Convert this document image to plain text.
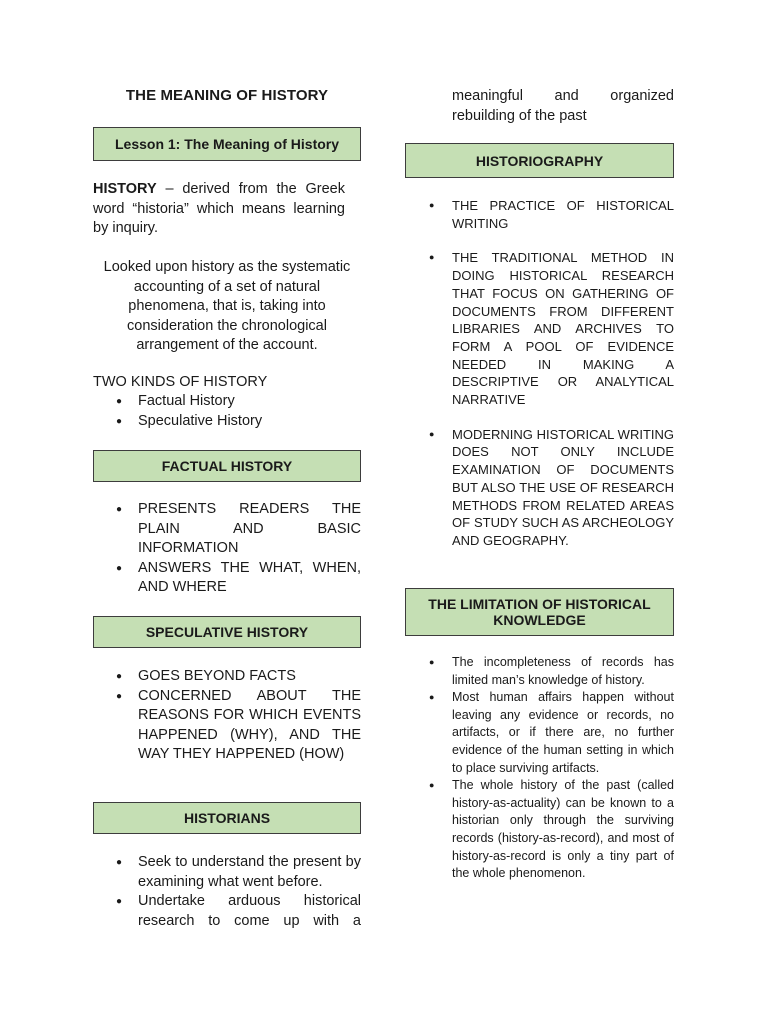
THE MEANING OF HISTORY
Lesson 1: The Meaning of History
HISTORY – derived from the Greek word “historia” which means learning by inquiry.
Looked upon history as the systematic accounting of a set of natural phenomena, that is, taking into consideration the chronological arrangement of the account.
TWO KINDS OF HISTORY
● Factual History
● Speculative History
FACTUAL HISTORY
● PRESENTS READERS THE PLAIN AND BASIC INFORMATION
● ANSWERS THE WHAT, WHEN, AND WHERE
SPECULATIVE HISTORY
● GOES BEYOND FACTS
● CONCERNED ABOUT THE REASONS FOR WHICH EVENTS HAPPENED (WHY), AND THE WAY THEY HAPPENED (HOW)
HISTORIANS
● Seek to understand the present by examining what went before.
● Undertake arduous historical research to come up with a
meaningful and organized
rebuilding of the past
HISTORIOGRAPHY
● THE PRACTICE OF HISTORICAL WRITING
● THE TRADITIONAL METHOD IN DOING HISTORICAL RESEARCH THAT FOCUS ON GATHERING OF DOCUMENTS FROM DIFFERENT LIBRARIES AND ARCHIVES TO FORM A POOL OF EVIDENCE NEEDED IN MAKING A DESCRIPTIVE OR ANALYTICAL NARRATIVE
● MODERNING HISTORICAL WRITING DOES NOT ONLY INCLUDE EXAMINATION OF DOCUMENTS BUT ALSO THE USE OF RESEARCH METHODS FROM RELATED AREAS OF STUDY SUCH AS ARCHEOLOGY AND GEOGRAPHY.
THE LIMITATION OF HISTORICAL
KNOWLEDGE
● The incompleteness of records has limited man’s knowledge of history.
● Most human affairs happen without leaving any evidence or records, no artifacts, or if there are, no further evidence of the human setting in which to place surviving artifacts.
● The whole history of the past (called history-as-actuality) can be known to a historian only through the surviving records (history-as-record), and most of history-as-record is only a tiny part of the whole phenomenon.
